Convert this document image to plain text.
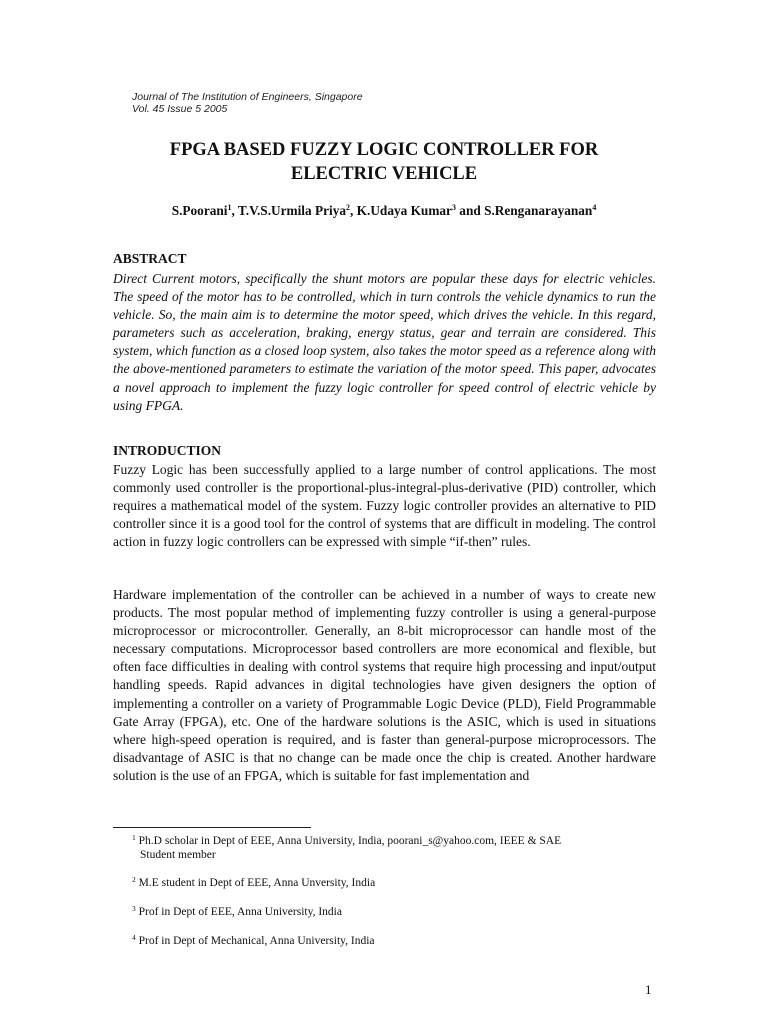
Journal of The Institution of Engineers, Singapore
Vol. 45 Issue 5 2005
FPGA BASED FUZZY LOGIC CONTROLLER FOR
ELECTRIC VEHICLE
S.Poorani$^1$, T.V.S.Urmila Priya$^2$, K.Udaya Kumar$^3$ and S.Renganarayanan$^4$
ABSTRACT

Direct Current motors, specifically the shunt motors are popular these days for electric vehicles. The speed of the motor has to be controlled, which in turn controls the vehicle dynamics to run the vehicle. So, the main aim is to determine the motor speed, which drives the vehicle. In this regard, parameters such as acceleration, braking, energy status, gear and terrain are considered. This system, which function as a closed loop system, also takes the motor speed as a reference along with the above-mentioned parameters to estimate the variation of the motor speed. This paper, advocates a novel approach to implement the fuzzy logic controller for speed control of electric vehicle by using FPGA.

INTRODUCTION

Fuzzy Logic has been successfully applied to a large number of control applications. The most commonly used controller is the proportional-plus-integral-plus-derivative (PID) controller, which requires a mathematical model of the system. Fuzzy logic controller provides an alternative to PID controller since it is a good tool for the control of systems that are difficult in modeling. The control action in fuzzy logic controllers can be expressed with simple “if-then” rules.

Hardware implementation of the controller can be achieved in a number of ways to create new products. The most popular method of implementing fuzzy controller is using a general-purpose microprocessor or microcontroller. Generally, an 8-bit microprocessor can handle most of the necessary computations. Microprocessor based controllers are more economical and flexible, but often face difficulties in dealing with control systems that require high processing and input/output handling speeds. Rapid advances in digital technologies have given designers the option of implementing a controller on a variety of Programmable Logic Device (PLD), Field Programmable Gate Array (FPGA), etc. One of the hardware solutions is the ASIC, which is used in situations where high-speed operation is required, and is faster than general-purpose microprocessors. The disadvantage of ASIC is that no change can be made once the chip is created. Another hardware solution is the use of an FPGA, which is suitable for fast implementation and

$^1$ Ph.D scholar in Dept of EEE, Anna University, India, poorani_s@yahoo.com, IEEE & SAE
Student member

$^2$ M.E student in Dept of EEE, Anna Unversity, India

$^3$ Prof in Dept of EEE, Anna University, India

$^4$ Prof in Dept of Mechanical, Anna University, India

1
